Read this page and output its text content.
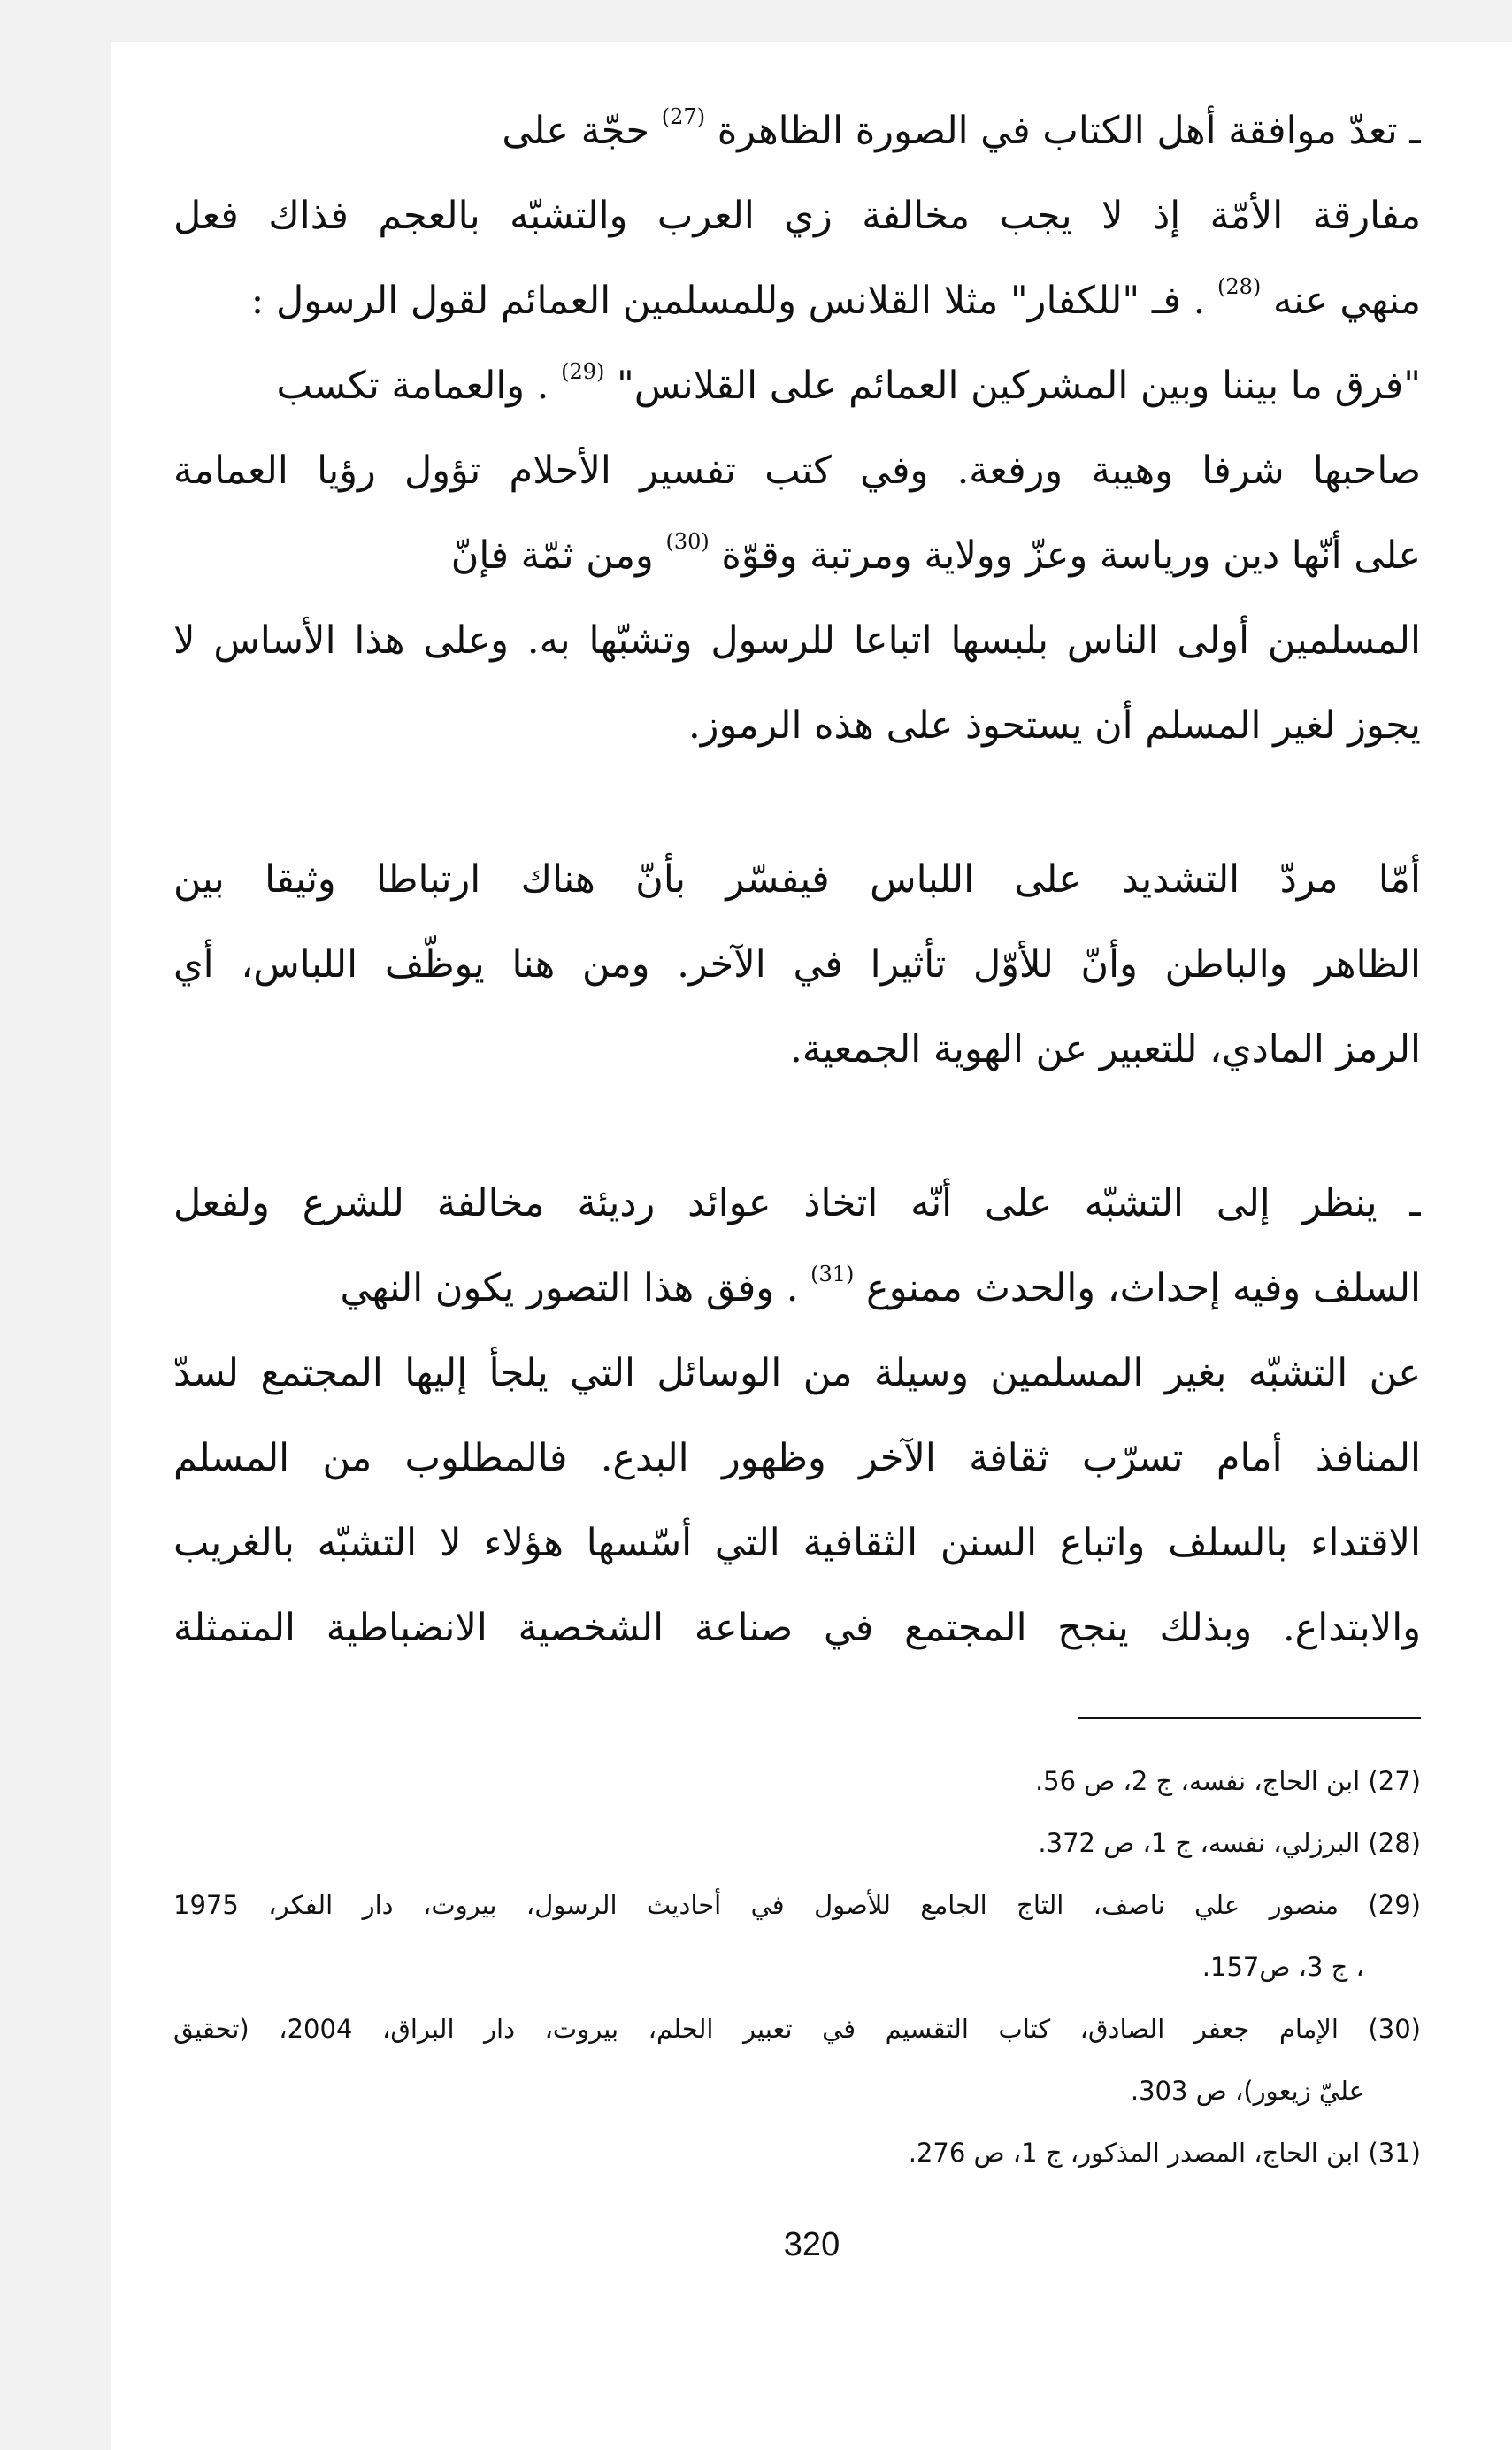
ـ تعدّ موافقة أهل الكتاب في الصورة الظاهرة $^{(27)}$ حجّة على
مفارقة الأمّة إذ لا يجب مخالفة زي العرب والتشبّه بالعجم فذاك فعل
منهي عنه $^{(28)}$ . فـ "للكفار" مثلا القلانس وللمسلمين العمائم لقول الرسول :
"فرق ما بيننا وبين المشركين العمائم على القلانس" $^{(29)}$ . والعمامة تكسب
صاحبها شرفا وهيبة ورفعة. وفي كتب تفسير الأحلام تؤول رؤيا العمامة
على أنّها دين ورياسة وعزّ وولاية ومرتبة وقوّة $^{(30)}$ ومن ثمّة فإنّ
المسلمين أولى الناس بلبسها اتباعا للرسول وتشبّها به. وعلى هذا الأساس لا
يجوز لغير المسلم أن يستحوذ على هذه الرموز.
أمّا مردّ التشديد على اللباس فيفسّر بأنّ هناك ارتباطا وثيقا بين
الظاهر والباطن وأنّ للأوّل تأثيرا في الآخر. ومن هنا يوظّف اللباس، أي
الرمز المادي، للتعبير عن الهوية الجمعية.
ـ ينظر إلى التشبّه على أنّه اتخاذ عوائد رديئة مخالفة للشرع ولفعل
السلف وفيه إحداث، والحدث ممنوع $^{(31)}$ . وفق هذا التصور يكون النهي
عن التشبّه بغير المسلمين وسيلة من الوسائل التي يلجأ إليها المجتمع لسدّ
المنافذ أمام تسرّب ثقافة الآخر وظهور البدع. فالمطلوب من المسلم
الاقتداء بالسلف واتباع السنن الثقافية التي أسّسها هؤلاء لا التشبّه بالغريب
والابتداع. وبذلك ينجح المجتمع في صناعة الشخصية الانضباطية المتمثلة
(27) ابن الحاج، نفسه، ج 2، ص 56.
(28) البرزلي، نفسه، ج 1، ص 372.
(29) منصور علي ناصف، التاج الجامع للأصول في أحاديث الرسول، بيروت، دار الفكر، 1975
، ج 3، ص157.
(30) الإمام جعفر الصادق، كتاب التقسيم في تعبير الحلم، بيروت، دار البراق، 2004، (تحقيق
عليّ زيعور)، ص 303.
(31) ابن الحاج، المصدر المذكور، ج 1، ص 276.
320
